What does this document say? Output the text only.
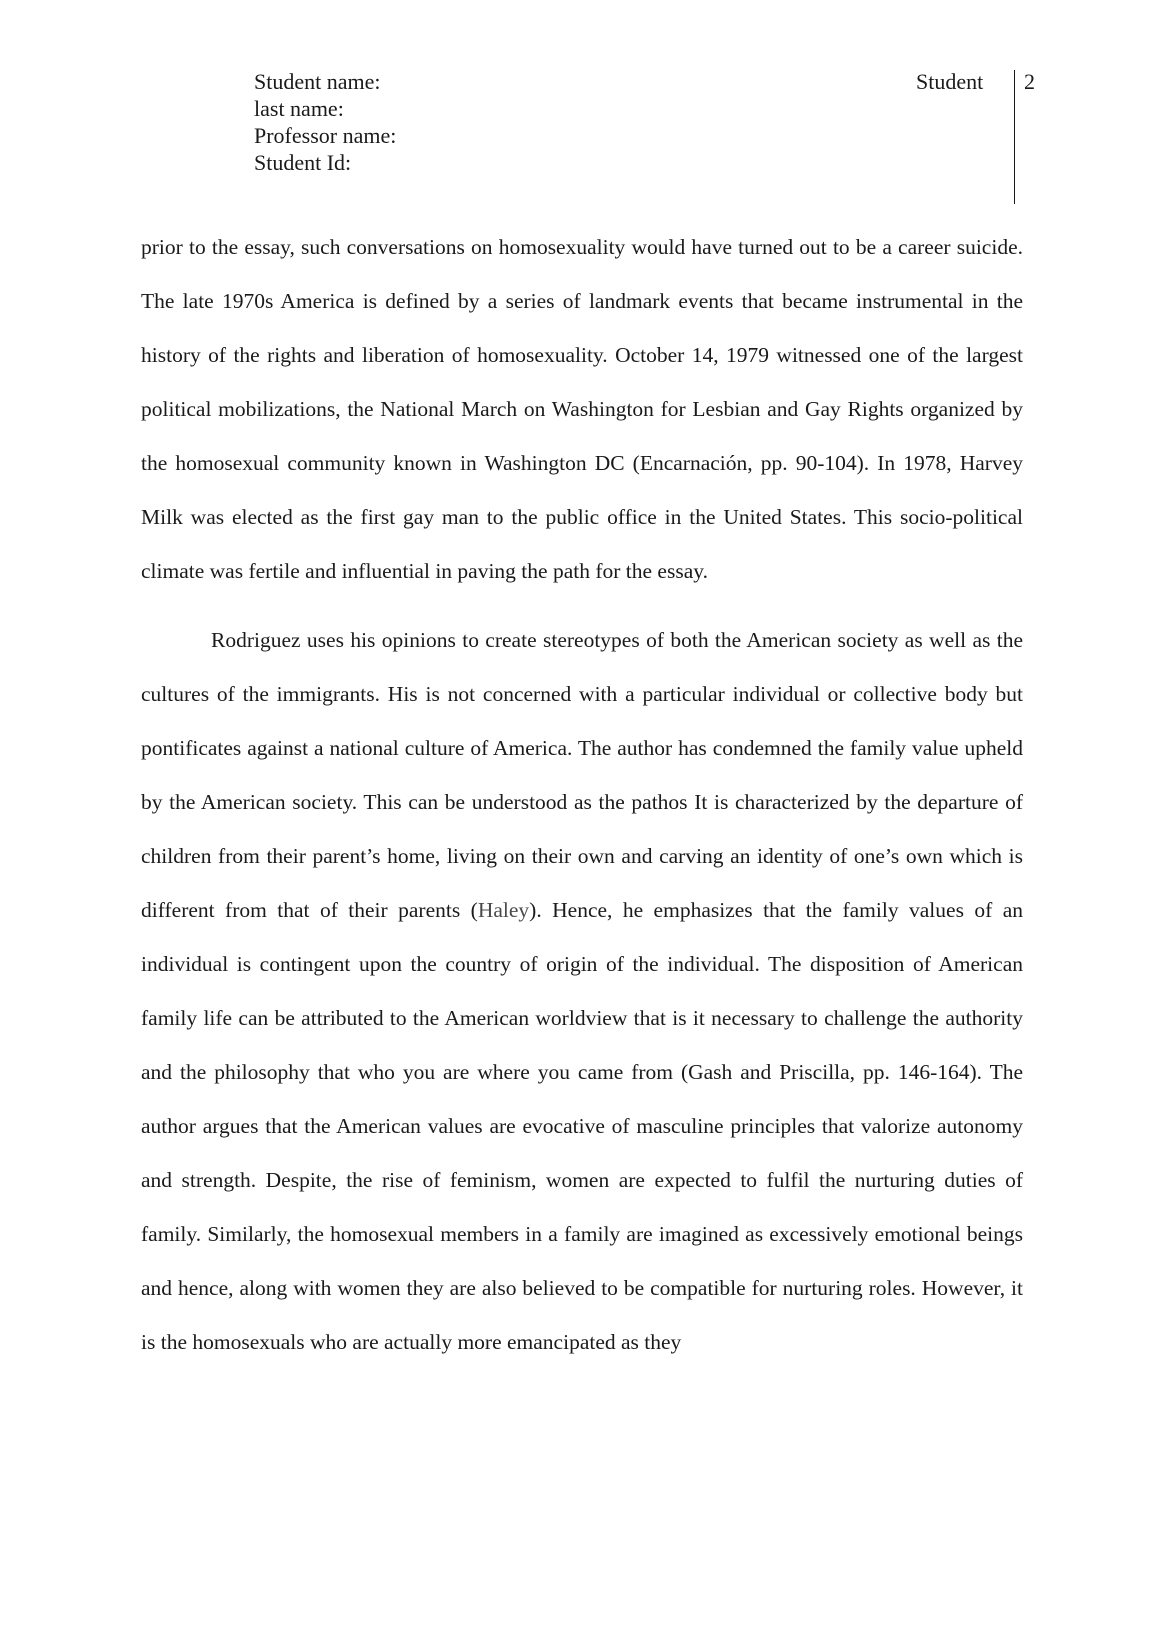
Student name:
last name:
Professor name:
Student Id:
Student 2

prior to the essay, such conversations on homosexuality would have turned out to be a career suicide. The late 1970s America is defined by a series of landmark events that became instrumental in the history of the rights and liberation of homosexuality. October 14, 1979 witnessed one of the largest political mobilizations, the National March on Washington for Lesbian and Gay Rights organized by the homosexual community known in Washington DC (Encarnación, pp. 90-104). In 1978, Harvey Milk was elected as the first gay man to the public office in the United States. This socio-political climate was fertile and influential in paving the path for the essay.

Rodriguez uses his opinions to create stereotypes of both the American society as well as the cultures of the immigrants. His is not concerned with a particular individual or collective body but pontificates against a national culture of America. The author has condemned the family value upheld by the American society. This can be understood as the pathos It is characterized by the departure of children from their parent’s home, living on their own and carving an identity of one’s own which is different from that of their parents (Haley). Hence, he emphasizes that the family values of an individual is contingent upon the country of origin of the individual. The disposition of American family life can be attributed to the American worldview that is it necessary to challenge the authority and the philosophy that who you are where you came from (Gash and Priscilla, pp. 146-164). The author argues that the American values are evocative of masculine principles that valorize autonomy and strength. Despite, the rise of feminism, women are expected to fulfil the nurturing duties of family. Similarly, the homosexual members in a family are imagined as excessively emotional beings and hence, along with women they are also believed to be compatible for nurturing roles. However, it is the homosexuals who are actually more emancipated as they
